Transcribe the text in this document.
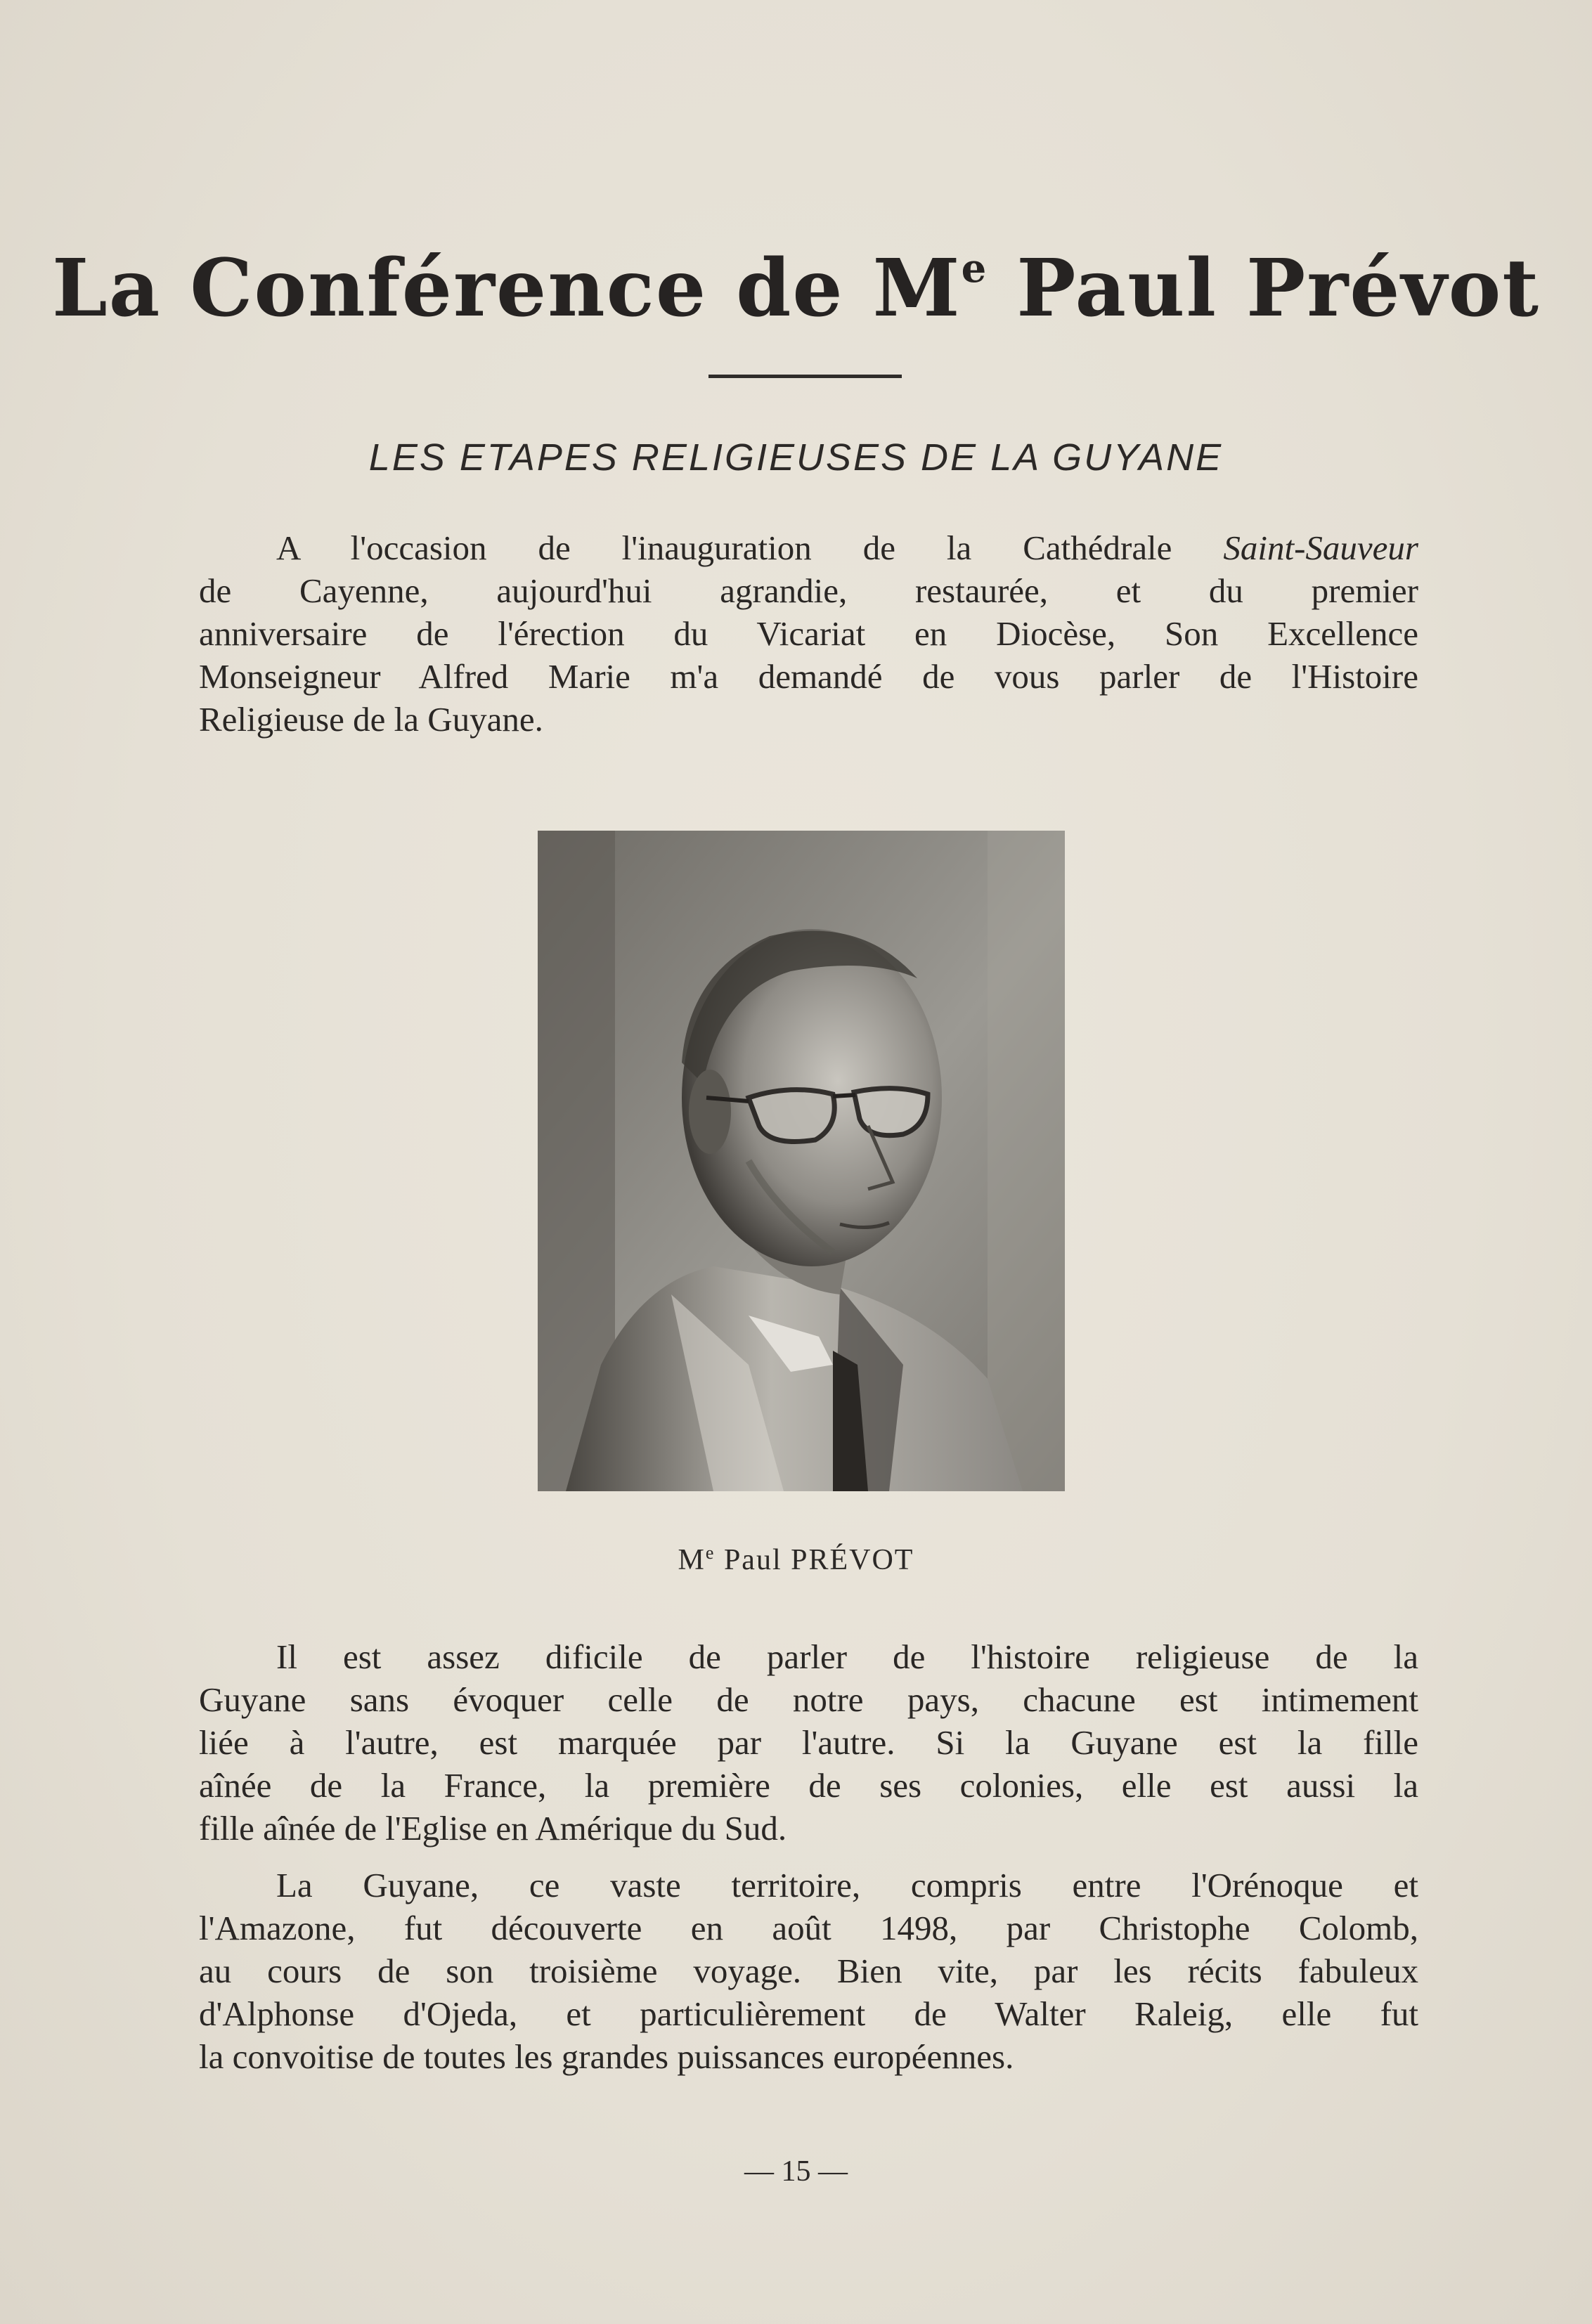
La Conférence de Me Paul Prévot
LES ETAPES RELIGIEUSES DE LA GUYANE
A l'occasion de l'inauguration de la Cathédrale Saint-Sauveur
de Cayenne, aujourd'hui agrandie, restaurée, et du premier
anniversaire de l'érection du Vicariat en Diocèse, Son Excellence
Monseigneur Alfred Marie m'a demandé de vous parler de l'Histoire
Religieuse de la Guyane.
Me Paul PRÉVOT
Il est assez dificile de parler de l'histoire religieuse de la
Guyane sans évoquer celle de notre pays, chacune est intimement
liée à l'autre, est marquée par l'autre. Si la Guyane est la fille
aînée de la France, la première de ses colonies, elle est aussi la
fille aînée de l'Eglise en Amérique du Sud.
La Guyane, ce vaste territoire, compris entre l'Orénoque et
l'Amazone, fut découverte en août 1498, par Christophe Colomb,
au cours de son troisième voyage. Bien vite, par les récits fabuleux
d'Alphonse d'Ojeda, et particulièrement de Walter Raleig, elle fut
la convoitise de toutes les grandes puissances européennes.
— 15 —
